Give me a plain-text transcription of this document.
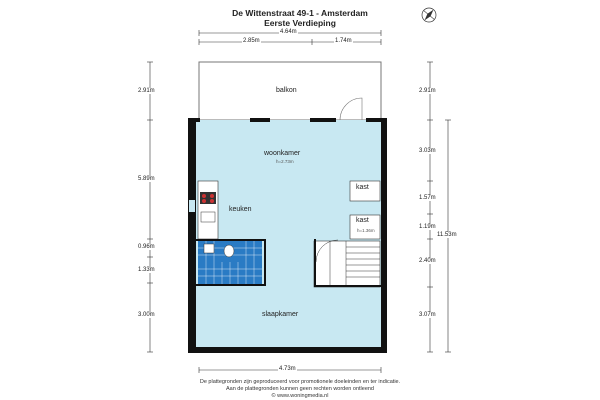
De Wittenstraat 49-1 - Amsterdam
Eerste Verdieping
4.64m
2.85m	1.74m
2.91m
5.89m
0.96m
1.33m
3.00m
2.91m
3.03m
1.57m
1.19m
2.40m
3.07m
11.53m
4.73m
balkon
woonkamer
h=2.73m
keuken
kast
kast
h=1.36m
slaapkamer
De plattegronden zijn geproduceerd voor promotionele doeleinden en ter indicatie.
Aan de plattegronden kunnen geen rechten worden ontleend
© www.woningmedia.nl
